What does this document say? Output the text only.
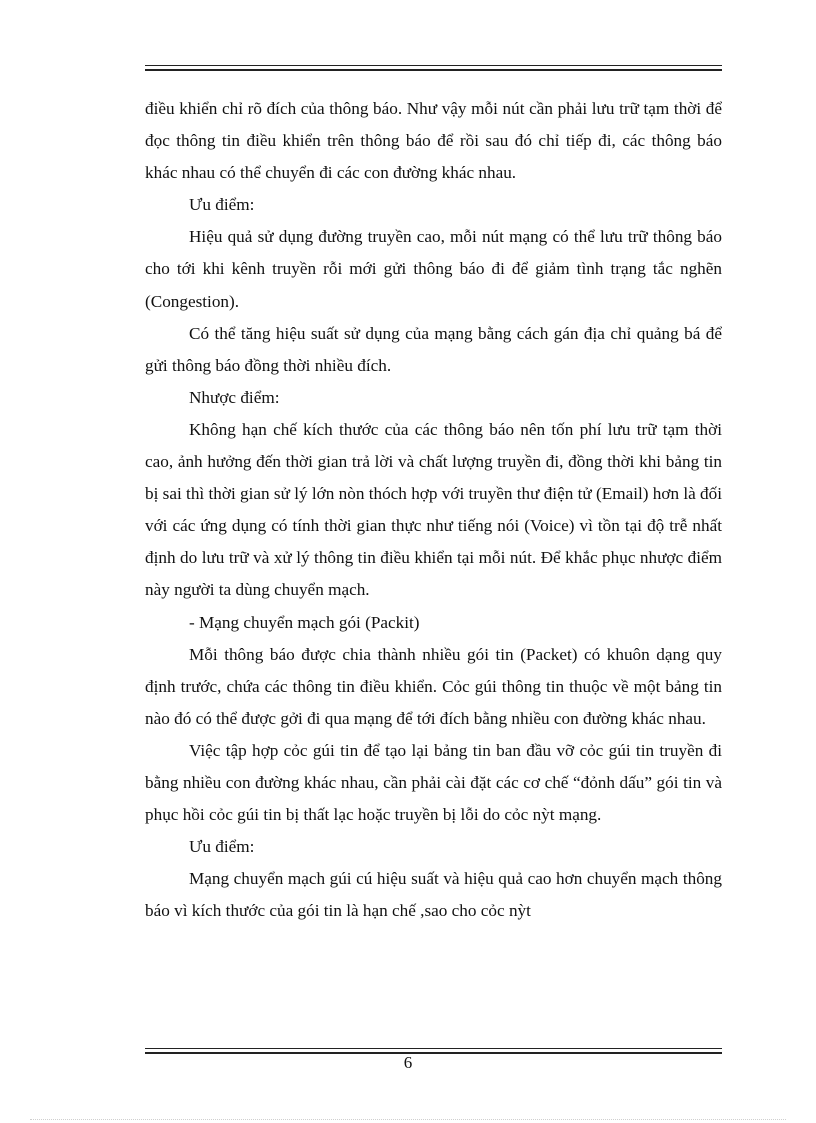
điều khiển chỉ rõ đích của thông báo. Như vậy mỗi nút cần phải lưu trữ tạm thời để đọc thông tin điều khiển trên thông báo để rồi sau đó chỉ tiếp đi, các thông báo khác nhau có thể chuyển đi các con đường khác nhau.

Ưu điểm:

Hiệu quả sử dụng đường truyền cao, mỗi nút mạng có thể lưu trữ thông báo cho tới khi kênh truyền rỗi mới gửi thông báo đi để giảm tình trạng tắc nghẽn (Congestion).

Có thể tăng hiệu suất sử dụng của mạng bằng cách gán địa chỉ quảng bá để gửi thông báo đồng thời nhiều đích.

Nhược điểm:

Không hạn chế kích thước của các thông báo nên tốn phí lưu trữ tạm thời cao, ảnh hưởng đến thời gian trả lời và chất lượng truyền đi, đồng thời khi bảng tin bị sai thì thời gian sử lý lớn nòn thóch hợp với truyền thư điện tử (Email) hơn là đối với các ứng dụng có tính thời gian thực như tiếng nói (Voice) vì tồn tại độ trễ nhất định do lưu trữ và xử lý thông tin điều khiển tại mỗi nút. Để khắc phục nhược điểm này người ta dùng chuyển mạch.

- Mạng chuyển mạch gói (Packit)

Mỗi thông báo được chia thành nhiều gói tin (Packet) có khuôn dạng quy định trước, chứa các thông tin điều khiển. Cỏc gúi thông tin thuộc về một bảng tin nào đó có thể được gởi đi qua mạng để tới đích bằng nhiều con đường khác nhau.

Việc tập hợp cỏc gúi tin để tạo lại bảng tin ban đầu vỡ cỏc gúi tin truyền đi bằng nhiều con đường khác nhau, cần phải cài đặt các cơ chế “đỏnh dấu” gói tin và phục hồi cỏc gúi tin bị thất lạc hoặc truyền bị lỗi do cỏc nỳt mạng.

Ưu điểm:

Mạng chuyển mạch gúi cú hiệu suất và hiệu quả cao hơn chuyển mạch thông báo vì kích thước của gói tin là hạn chế ,sao cho cỏc nỳt

6
